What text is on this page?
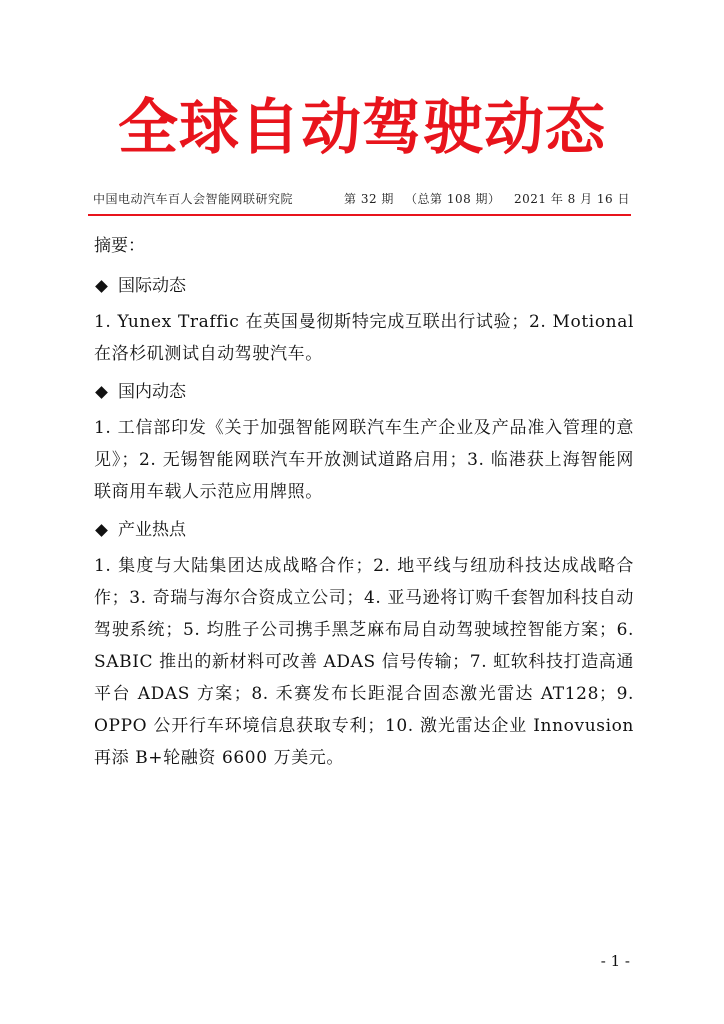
全球自动驾驶动态
中国电动汽车百人会智能网联研究院	第 32 期 （总第 108 期） 2021 年 8 月 16 日
摘要：
国际动态
1. Yunex Traffic 在英国曼彻斯特完成互联出行试验；2. Motional 在洛杉矶测试自动驾驶汽车。
国内动态
1. 工信部印发《关于加强智能网联汽车生产企业及产品准入管理的意见》；2. 无锡智能网联汽车开放测试道路启用；3. 临港获上海智能网联商用车载人示范应用牌照。
产业热点
1. 集度与大陆集团达成战略合作；2. 地平线与纽劢科技达成战略合作；3. 奇瑞与海尔合资成立公司；4. 亚马逊将订购千套智加科技自动驾驶系统；5. 均胜子公司携手黑芝麻布局自动驾驶域控智能方案；6. SABIC 推出的新材料可改善 ADAS 信号传输；7. 虹软科技打造高通平台 ADAS 方案；8. 禾赛发布长距混合固态激光雷达 AT128；9. OPPO 公开行车环境信息获取专利；10. 激光雷达企业 Innovusion 再添 B+轮融资 6600 万美元。
- 1 -
